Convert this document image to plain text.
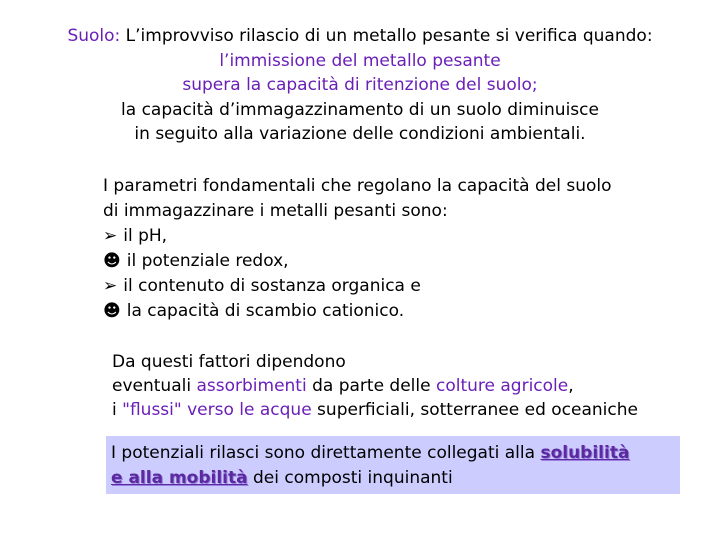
Suolo: L’improvviso rilascio di un metallo pesante si verifica quando:
l’immissione del metallo pesante
supera la capacità di ritenzione del suolo;
la capacità d’immagazzinamento di un suolo diminuisce
in seguito alla variazione delle condizioni ambientali.
I parametri fondamentali che regolano la capacità del suolo
di immagazzinare i metalli pesanti sono:
➢ il pH,
☻ il potenziale redox,
➢ il contenuto di sostanza organica e
☻ la capacità di scambio cationico.
Da questi fattori dipendono
eventuali assorbimenti da parte delle colture agricole,
i "flussi" verso le acque superficiali, sotterranee ed oceaniche
I potenziali rilasci sono direttamente collegati alla solubilità
e alla mobilità dei composti inquinanti
